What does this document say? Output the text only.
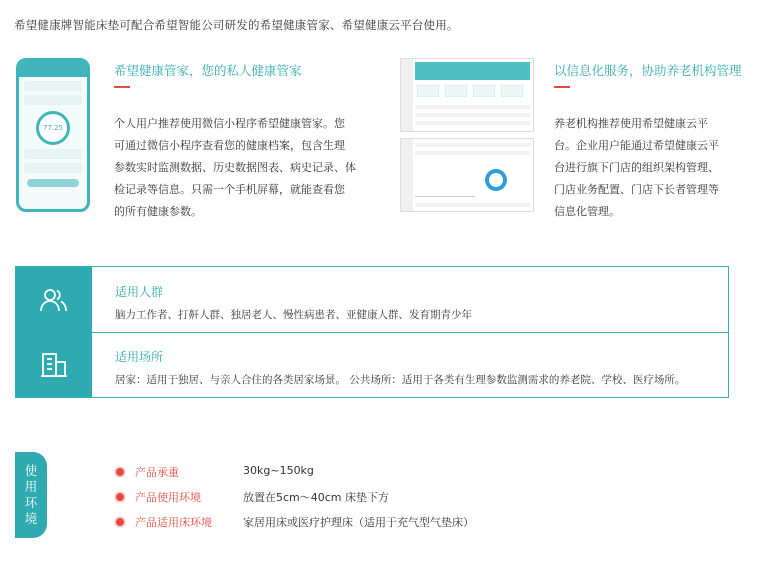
希望健康牌智能床垫可配合希望智能公司研发的希望健康管家、希望健康云平台使用。
77.25
希望健康管家，您的私人健康管家
个人用户推荐使用微信小程序希望健康管家。您
可通过微信小程序查看您的健康档案，包含生理
参数实时监测数据、历史数据图表、病史记录、体
检记录等信息。只需一个手机屏幕，就能查看您
的所有健康参数。
以信息化服务，协助养老机构管理
养老机构推荐使用希望健康云平
台。企业用户能通过希望健康云平
台进行旗下门店的组织架构管理、
门店业务配置、门店下长者管理等
信息化管理。
适用人群
脑力工作者、打鼾人群、独居老人、慢性病患者、亚健康人群、发育期青少年
适用场所
居家：适用于独居、与亲人合住的各类居家场景。 公共场所：适用于各类有生理参数监测需求的养老院、学校、医疗场所。
使
用
环
境
产品承重	30kg~150kg
产品使用环境	放置在5cm～40cm 床垫下方
产品适用床环境	家居用床或医疗护理床（适用于充气型气垫床）
